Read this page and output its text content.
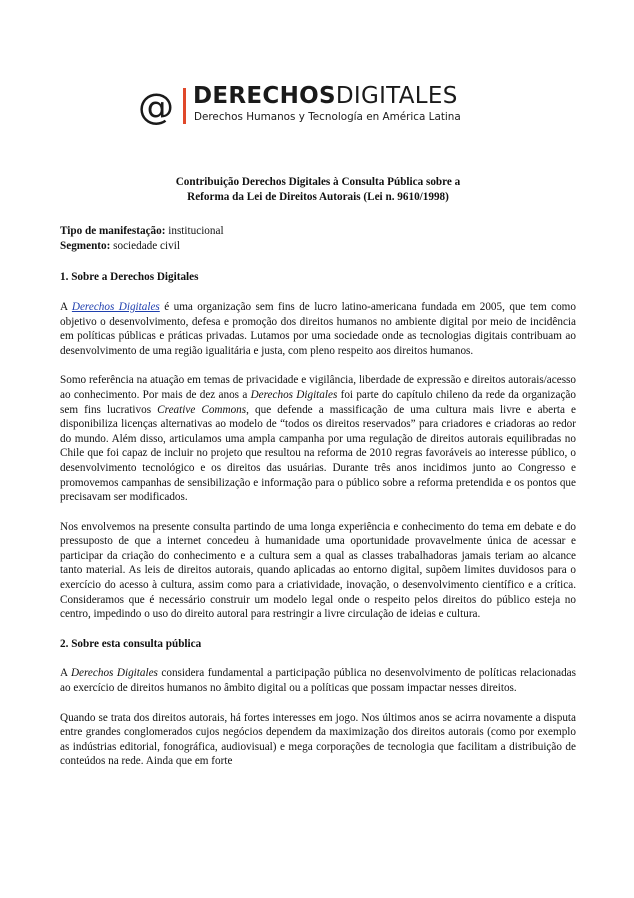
@ DERECHOSDIGITALES
Derechos Humanos y Tecnología en América Latina
Contribuição Derechos Digitales à Consulta Pública sobre a
Reforma da Lei de Direitos Autorais (Lei n. 9610/1998)
Tipo de manifestação: institucional
Segmento: sociedade civil
1. Sobre a Derechos Digitales

A Derechos Digitales é uma organização sem fins de lucro latino-americana fundada em 2005, que tem como objetivo o desenvolvimento, defesa e promoção dos direitos humanos no ambiente digital por meio de incidência em políticas públicas e práticas privadas. Lutamos por uma sociedade onde as tecnologias digitais contribuam ao desenvolvimento de uma região igualitária e justa, com pleno respeito aos direitos humanos.

Somo referência na atuação em temas de privacidade e vigilância, liberdade de expressão e direitos autorais/acesso ao conhecimento. Por mais de dez anos a Derechos Digitales foi parte do capítulo chileno da rede da organização sem fins lucrativos Creative Commons, que defende a massificação de uma cultura mais livre e aberta e disponibiliza licenças alternativas ao modelo de “todos os direitos reservados” para criadores e criadoras ao redor do mundo. Além disso, articulamos uma ampla campanha por uma regulação de direitos autorais equilibradas no Chile que foi capaz de incluir no projeto que resultou na reforma de 2010 regras favoráveis ao interesse público, o desenvolvimento tecnológico e os direitos das usuárias. Durante três anos incidimos junto ao Congresso e promovemos campanhas de sensibilização e informação para o público sobre a reforma pretendida e os pontos que precisavam ser modificados.

Nos envolvemos na presente consulta partindo de uma longa experiência e conhecimento do tema em debate e do pressuposto de que a internet concedeu à humanidade uma oportunidade provavelmente única de acessar e participar da criação do conhecimento e a cultura sem a qual as classes trabalhadoras jamais teriam ao alcance tanto material. As leis de direitos autorais, quando aplicadas ao entorno digital, supõem limites duvidosos para o exercício do acesso à cultura, assim como para a criatividade, inovação, o desenvolvimento científico e a crítica. Consideramos que é necessário construir um modelo legal onde o respeito pelos direitos do público esteja no centro, impedindo o uso do direito autoral para restringir a livre circulação de ideias e cultura.

2. Sobre esta consulta pública

A Derechos Digitales considera fundamental a participação pública no desenvolvimento de políticas relacionadas ao exercício de direitos humanos no âmbito digital ou a políticas que possam impactar nesses direitos.

Quando se trata dos direitos autorais, há fortes interesses em jogo. Nos últimos anos se acirra novamente a disputa entre grandes conglomerados cujos negócios dependem da maximização dos direitos autorais (como por exemplo as indústrias editorial, fonográfica, audiovisual) e mega corporações de tecnologia que facilitam a distribuição de conteúdos na rede. Ainda que em forte
